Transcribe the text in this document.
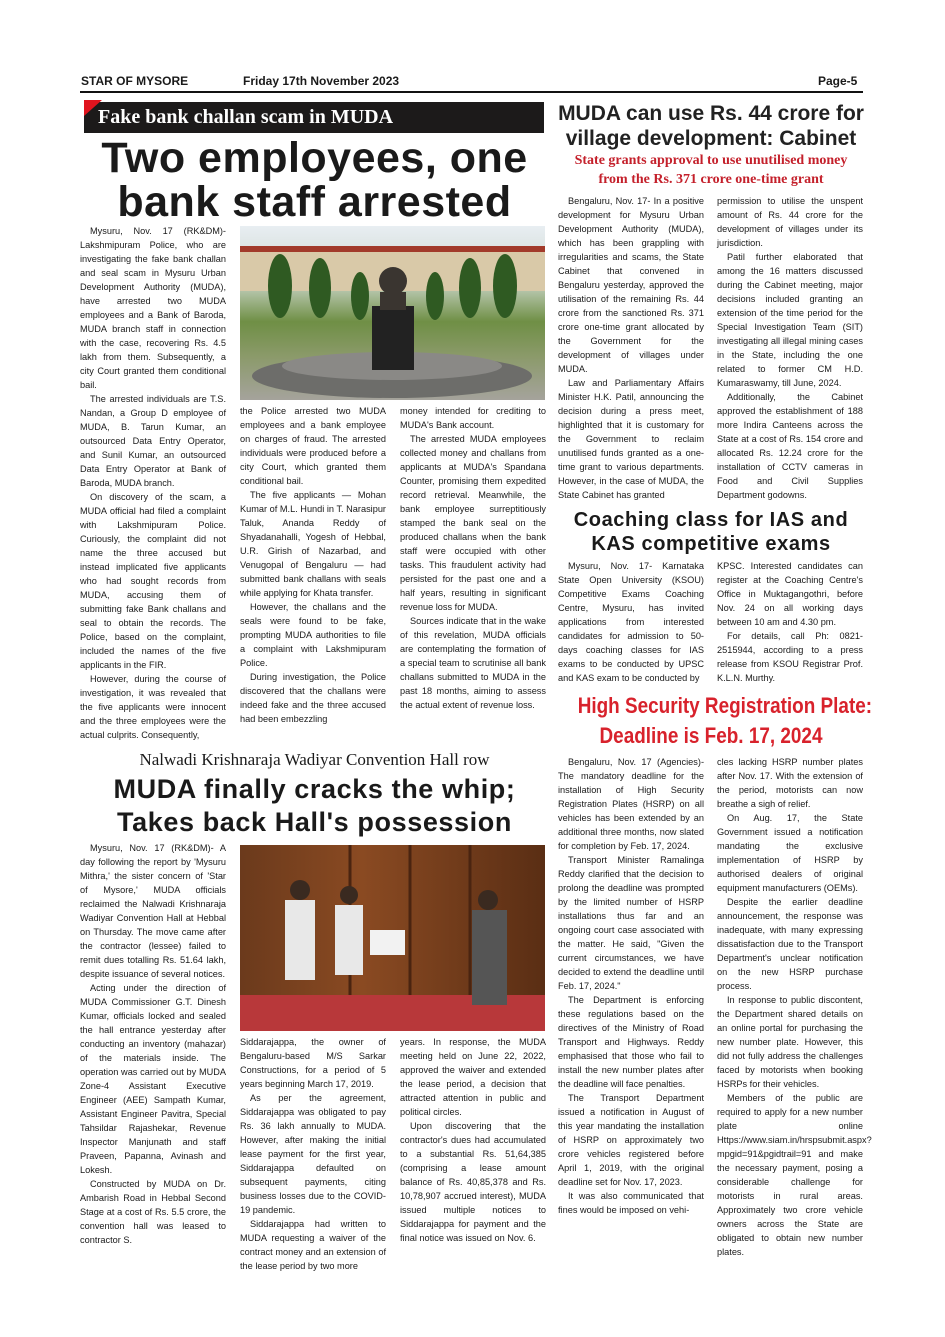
STAR OF MYSORE	Friday 17th November 2023	Page-5
Fake bank challan scam in MUDA
Two employees, one
bank staff arrested

Mysuru, Nov. 17 (RK&DM)- Lakshmipuram Police, who are investigating the fake bank challan and seal scam in Mysuru Urban Development Authority (MUDA), have arrested two MUDA employees and a Bank of Baroda, MUDA branch staff in connection with the case, recovering Rs. 4.5 lakh from them. Subsequently, a city Court granted them conditional bail.

The arrested individuals are T.S. Nandan, a Group D employee of MUDA, B. Tarun Kumar, an outsourced Data Entry Operator, and Sunil Kumar, an outsourced Data Entry Operator at Bank of Baroda, MUDA branch.

On discovery of the scam, a MUDA official had filed a complaint with Lakshmipuram Police. Curiously, the complaint did not name the three accused but instead implicated five applicants who had sought records from MUDA, accusing them of submitting fake Bank challans and seal to obtain the records. The Police, based on the complaint, included the names of the five applicants in the FIR.

However, during the course of investigation, it was revealed that the five applicants were innocent and the three employees were the actual culprits. Consequently,

the Police arrested two MUDA employees and a bank employee on charges of fraud. The arrested individuals were produced before a city Court, which granted them conditional bail.

The five applicants — Mohan Kumar of M.L. Hundi in T. Narasipur Taluk, Ananda Reddy of Shyadanahalli, Yogesh of Hebbal, U.R. Girish of Nazarbad, and Venugopal of Bengaluru — had submitted bank challans with seals while applying for Khata transfer.

However, the challans and the seals were found to be fake, prompting MUDA authorities to file a complaint with Lakshmipuram Police.

During investigation, the Police discovered that the challans were indeed fake and the three accused had been embezzling

money intended for crediting to MUDA's Bank account.

The arrested MUDA employees collected money and challans from applicants at MUDA's Spandana Counter, promising them expedited record retrieval. Meanwhile, the bank employee surreptitiously stamped the bank seal on the produced challans when the bank staff were occupied with other tasks. This fraudulent activity had persisted for the past one and a half years, resulting in significant revenue loss for MUDA.

Sources indicate that in the wake of this revelation, MUDA officials are contemplating the formation of a special team to scrutinise all bank challans submitted to MUDA in the past 18 months, aiming to assess the actual extent of revenue loss.

MUDA can use Rs. 44 crore for
village development: Cabinet
State grants approval to use unutilised money
from the Rs. 371 crore one-time grant

Bengaluru, Nov. 17- In a positive development for Mysuru Urban Development Authority (MUDA), which has been grappling with irregularities and scams, the State Cabinet that convened in Bengaluru yesterday, approved the utilisation of the remaining Rs. 44 crore from the sanctioned Rs. 371 crore one-time grant allocated by the Government for the development of villages under MUDA.

Law and Parliamentary Affairs Minister H.K. Patil, announcing the decision during a press meet, highlighted that it is customary for the Government to reclaim unutilised funds granted as a one-time grant to various departments. However, in the case of MUDA, the State Cabinet has granted

permission to utilise the unspent amount of Rs. 44 crore for the development of villages under its jurisdiction.

Patil further elaborated that among the 16 matters discussed during the Cabinet meeting, major decisions included granting an extension of the time period for the Special Investigation Team (SIT) investigating all illegal mining cases in the State, including the one related to former CM H.D. Kumaraswamy, till June, 2024.

Additionally, the Cabinet approved the establishment of 188 more Indira Canteens across the State at a cost of Rs. 154 crore and allocated Rs. 12.24 crore for the installation of CCTV cameras in Food and Civil Supplies Department godowns.

Coaching class for IAS and
KAS competitive exams

Mysuru, Nov. 17- Karnataka State Open University (KSOU) Competitive Exams Coaching Centre, Mysuru, has invited applications from interested candidates for admission to 50-days coaching classes for IAS exams to be conducted by UPSC and KAS exam to be conducted by

KPSC. Interested candidates can register at the Coaching Centre's Office in Muktagangothri, before Nov. 24 on all working days between 10 am and 4.30 pm.

For details, call Ph: 0821-2515944, according to a press release from KSOU Registrar Prof. K.L.N. Murthy.

High Security Registration Plate:
Deadline is Feb. 17, 2024

Bengaluru, Nov. 17 (Agencies)- The mandatory deadline for the installation of High Security Registration Plates (HSRP) on all vehicles has been extended by an additional three months, now slated for completion by Feb. 17, 2024.

Transport Minister Ramalinga Reddy clarified that the decision to prolong the deadline was prompted by the limited number of HSRP installations thus far and an ongoing court case associated with the matter. He said, "Given the current circumstances, we have decided to extend the deadline until Feb. 17, 2024."

The Department is enforcing these regulations based on the directives of the Ministry of Road Transport and Highways. Reddy emphasised that those who fail to install the new number plates after the deadline will face penalties.

The Transport Department issued a notification in August of this year mandating the installation of HSRP on approximately two crore vehicles registered before April 1, 2019, with the original deadline set for Nov. 17, 2023.

It was also communicated that fines would be imposed on vehi-

cles lacking HSRP number plates after Nov. 17. With the extension of the period, motorists can now breathe a sigh of relief.

On Aug. 17, the State Government issued a notification mandating the exclusive implementation of HSRP by authorised dealers of original equipment manufacturers (OEMs).

Despite the earlier deadline announcement, the response was inadequate, with many expressing dissatisfaction due to the Transport Department's unclear notification on the new HSRP purchase process.

In response to public discontent, the Department shared details on an online portal for purchasing the new number plate. However, this did not fully address the challenges faced by motorists when booking HSRPs for their vehicles.

Members of the public are required to apply for a new number plate online Https://www.siam.in/hrspsubmit.aspx?mpgid=91&pgidtrail=91 and make the necessary payment, posing a considerable challenge for motorists in rural areas. Approximately two crore vehicle owners across the State are obligated to obtain new number plates.

Nalwadi Krishnaraja Wadiyar Convention Hall row
MUDA finally cracks the whip;
Takes back Hall's possession

Mysuru, Nov. 17 (RK&DM)- A day following the report by 'Mysuru Mithra,' the sister concern of 'Star of Mysore,' MUDA officials reclaimed the Nalwadi Krishnaraja Wadiyar Convention Hall at Hebbal on Thursday. The move came after the contractor (lessee) failed to remit dues totalling Rs. 51.64 lakh, despite issuance of several notices.

Acting under the direction of MUDA Commissioner G.T. Dinesh Kumar, officials locked and sealed the hall entrance yesterday after conducting an inventory (mahazar) of the materials inside. The operation was carried out by MUDA Zone-4 Assistant Executive Engineer (AEE) Sampath Kumar, Assistant Engineer Pavitra, Special Tahsildar Rajashekar, Revenue Inspector Manjunath and staff Praveen, Papanna, Avinash and Lokesh.

Constructed by MUDA on Dr. Ambarish Road in Hebbal Second Stage at a cost of Rs. 5.5 crore, the convention hall was leased to contractor S.

Siddarajappa, the owner of Bengaluru-based M/S Sarkar Constructions, for a period of 5 years beginning March 17, 2019.

As per the agreement, Siddarajappa was obligated to pay Rs. 36 lakh annually to MUDA. However, after making the initial lease payment for the first year, Siddarajappa defaulted on subsequent payments, citing business losses due to the COVID-19 pandemic.

Siddarajappa had written to MUDA requesting a waiver of the contract money and an extension of the lease period by two more

years. In response, the MUDA meeting held on June 22, 2022, approved the waiver and extended the lease period, a decision that attracted attention in public and political circles.

Upon discovering that the contractor's dues had accumulated to a substantial Rs. 51,64,385 (comprising a lease amount balance of Rs. 40,85,378 and Rs. 10,78,907 accrued interest), MUDA issued multiple notices to Siddarajappa for payment and the final notice was issued on Nov. 6.
